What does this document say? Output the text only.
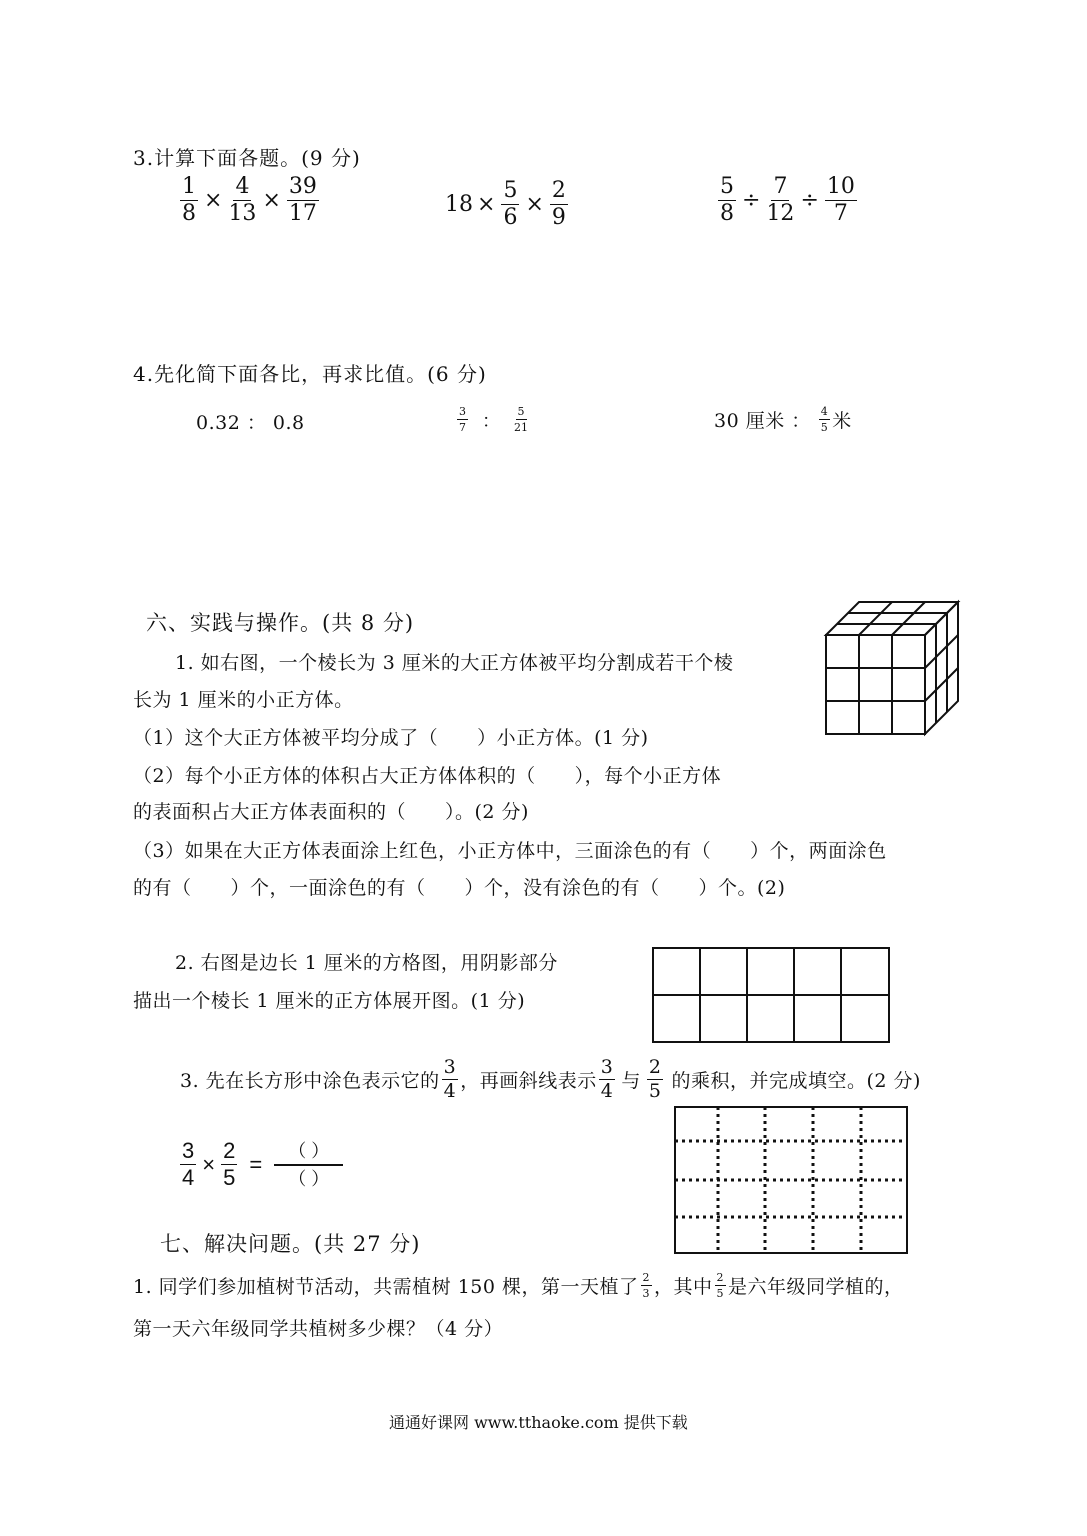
3.计算下面各题。(9 分)
$\frac{1}{8} \times \frac{4}{13} \times \frac{39}{17}$	$18 \times \frac{5}{6} \times \frac{2}{9}$	$\frac{5}{8} \div \frac{7}{12} \div \frac{10}{7}$
4.先化简下面各比，再求比值。(6 分)
0.32 ： 0.8	$\frac{3}{7}$ ： $\frac{5}{21}$	30 厘米 ： $\frac{4}{5}$ 米
六、实践与操作。(共 8 分)
1. 如右图，一个棱长为 3 厘米的大正方体被平均分割成若干个棱
长为 1 厘米的小正方体。
（1）这个大正方体被平均分成了（　　）小正方体。(1 分)
（2）每个小正方体的体积占大正方体体积的（　　），每个小正方体
的表面积占大正方体表面积的（　　）。(2 分)
（3）如果在大正方体表面涂上红色，小正方体中，三面涂色的有（　　）个，两面涂色
的有（　　）个，一面涂色的有（　　）个，没有涂色的有（　　）个。(2)
2. 右图是边长 1 厘米的方格图，用阴影部分
描出一个棱长 1 厘米的正方体展开图。(1 分)
3. 先在长方形中涂色表示它的 $\frac{3}{4}$ ，再画斜线表示 $\frac{3}{4}$ 与 $\frac{2}{5}$ 的乘积，并完成填空。(2 分)
$\frac{3}{4} \times \frac{2}{5} = \frac{( )}{( )}$
七、解决问题。(共 27 分)
1. 同学们参加植树节活动，共需植树 150 棵，第一天植了 $\frac{2}{3}$ ，其中 $\frac{2}{5}$ 是六年级同学植的，
第一天六年级同学共植树多少棵？（4 分）
通通好课网 www.tthaoke.com 提供下载
